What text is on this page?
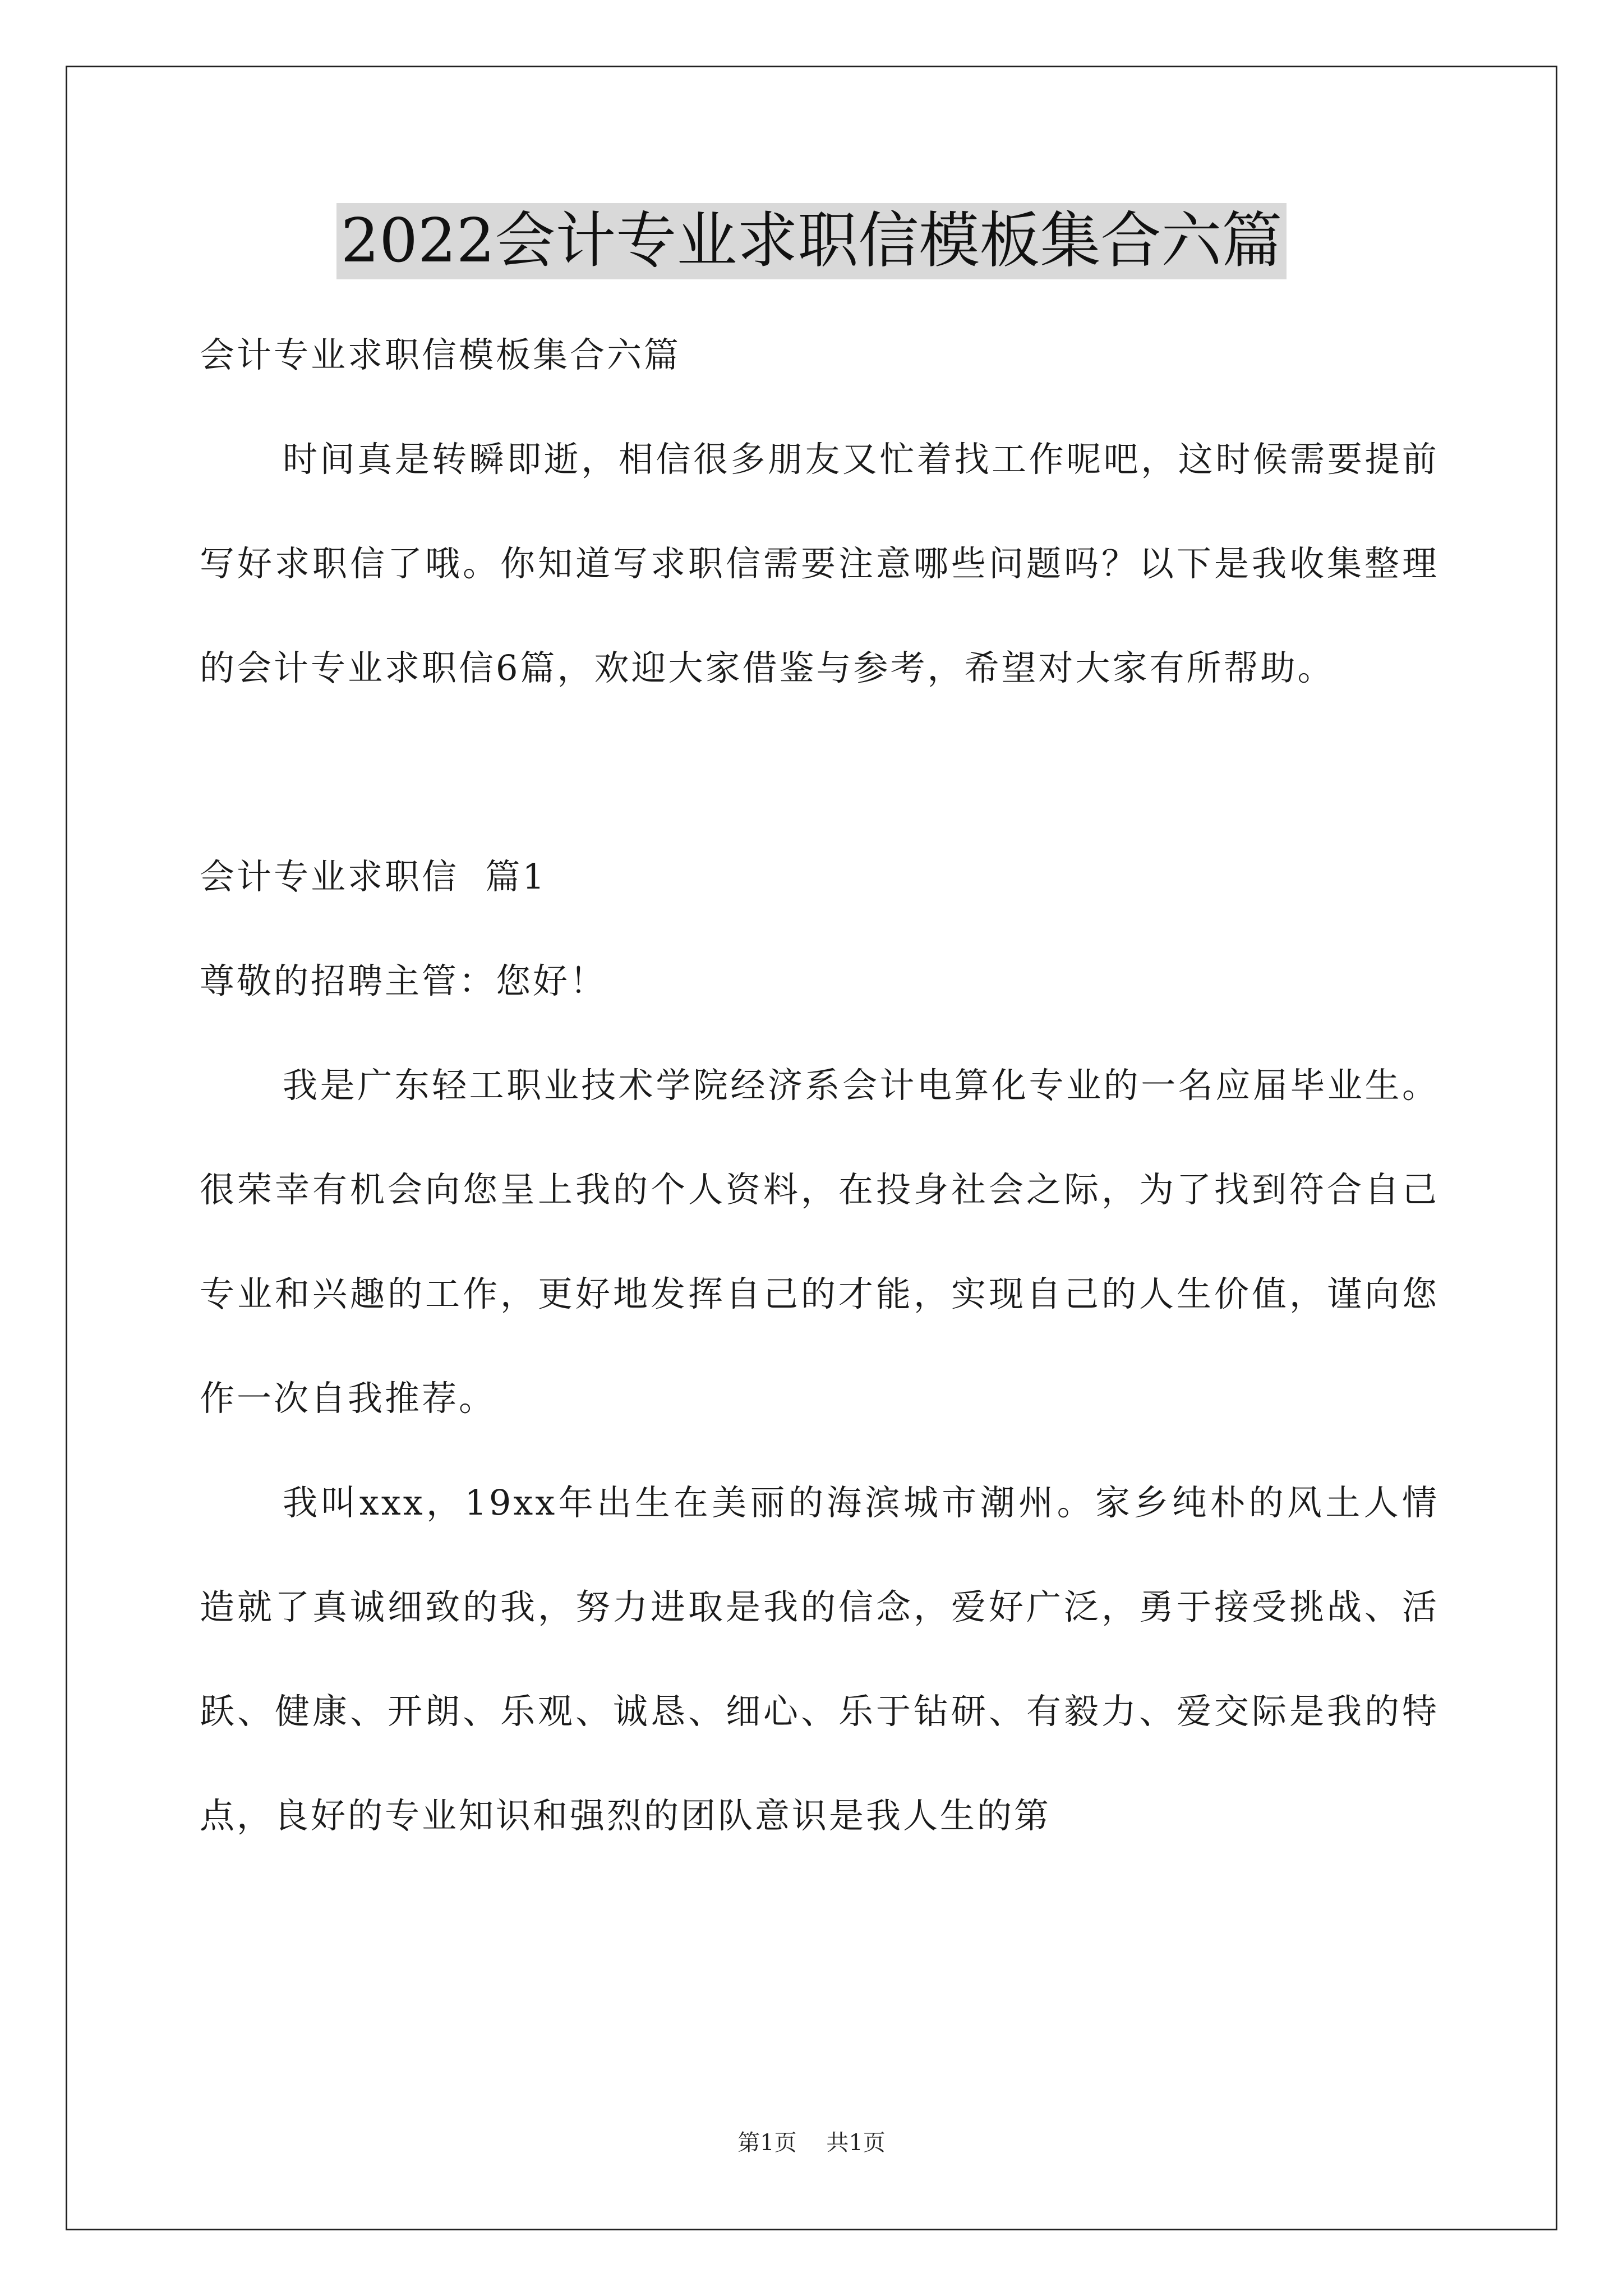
2022会计专业求职信模板集合六篇

会计专业求职信模板集合六篇

时间真是转瞬即逝，相信很多朋友又忙着找工作呢吧，这时候需要提前写好求职信了哦。你知道写求职信需要注意哪些问题吗？以下是我收集整理的会计专业求职信6篇，欢迎大家借鉴与参考，希望对大家有所帮助。

会计专业求职信  篇1

尊敬的招聘主管：您好！

我是广东轻工职业技术学院经济系会计电算化专业的一名应届毕业生。很荣幸有机会向您呈上我的个人资料，在投身社会之际，为了找到符合自己专业和兴趣的工作，更好地发挥自己的才能，实现自己的人生价值，谨向您作一次自我推荐。

我叫xxx，19xx年出生在美丽的海滨城市潮州。家乡纯朴的风土人情造就了真诚细致的我，努力进取是我的信念，爱好广泛，勇于接受挑战、活跃、健康、开朗、乐观、诚恳、细心、乐于钻研、有毅力、爱交际是我的特点，良好的专业知识和强烈的团队意识是我人生的第

第1页 共1页
